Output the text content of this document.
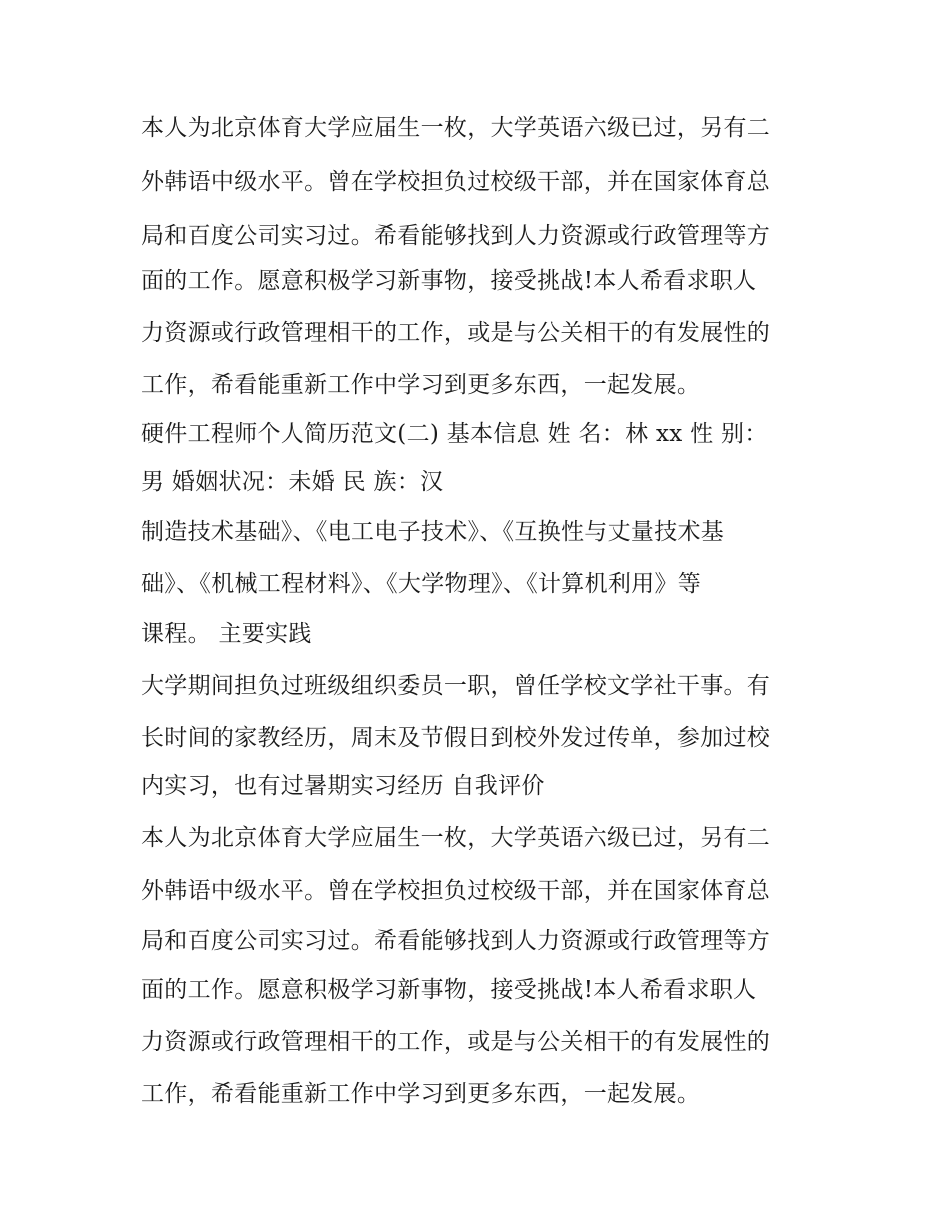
本人为北京体育大学应届生一枚，大学英语六级已过，另有二
外韩语中级水平。曾在学校担负过校级干部，并在国家体育总
局和百度公司实习过。希看能够找到人力资源或行政管理等方
面的工作。愿意积极学习新事物，接受挑战!本人希看求职人
力资源或行政管理相干的工作，或是与公关相干的有发展性的
工作，希看能重新工作中学习到更多东西，一起发展。
硬件工程师个人简历范文(二) 基本信息 姓 名：林 xx 性 别：
男 婚姻状况：未婚 民 族：汉
制造技术基础》、《电工电子技术》、《互换性与丈量技术基
础》、《机械工程材料》、《大学物理》、《计算机利用》等
课程。 主要实践
大学期间担负过班级组织委员一职，曾任学校文学社干事。有
长时间的家教经历，周末及节假日到校外发过传单，参加过校
内实习，也有过暑期实习经历 自我评价
本人为北京体育大学应届生一枚，大学英语六级已过，另有二
外韩语中级水平。曾在学校担负过校级干部，并在国家体育总
局和百度公司实习过。希看能够找到人力资源或行政管理等方
面的工作。愿意积极学习新事物，接受挑战!本人希看求职人
力资源或行政管理相干的工作，或是与公关相干的有发展性的
工作，希看能重新工作中学习到更多东西，一起发展。
